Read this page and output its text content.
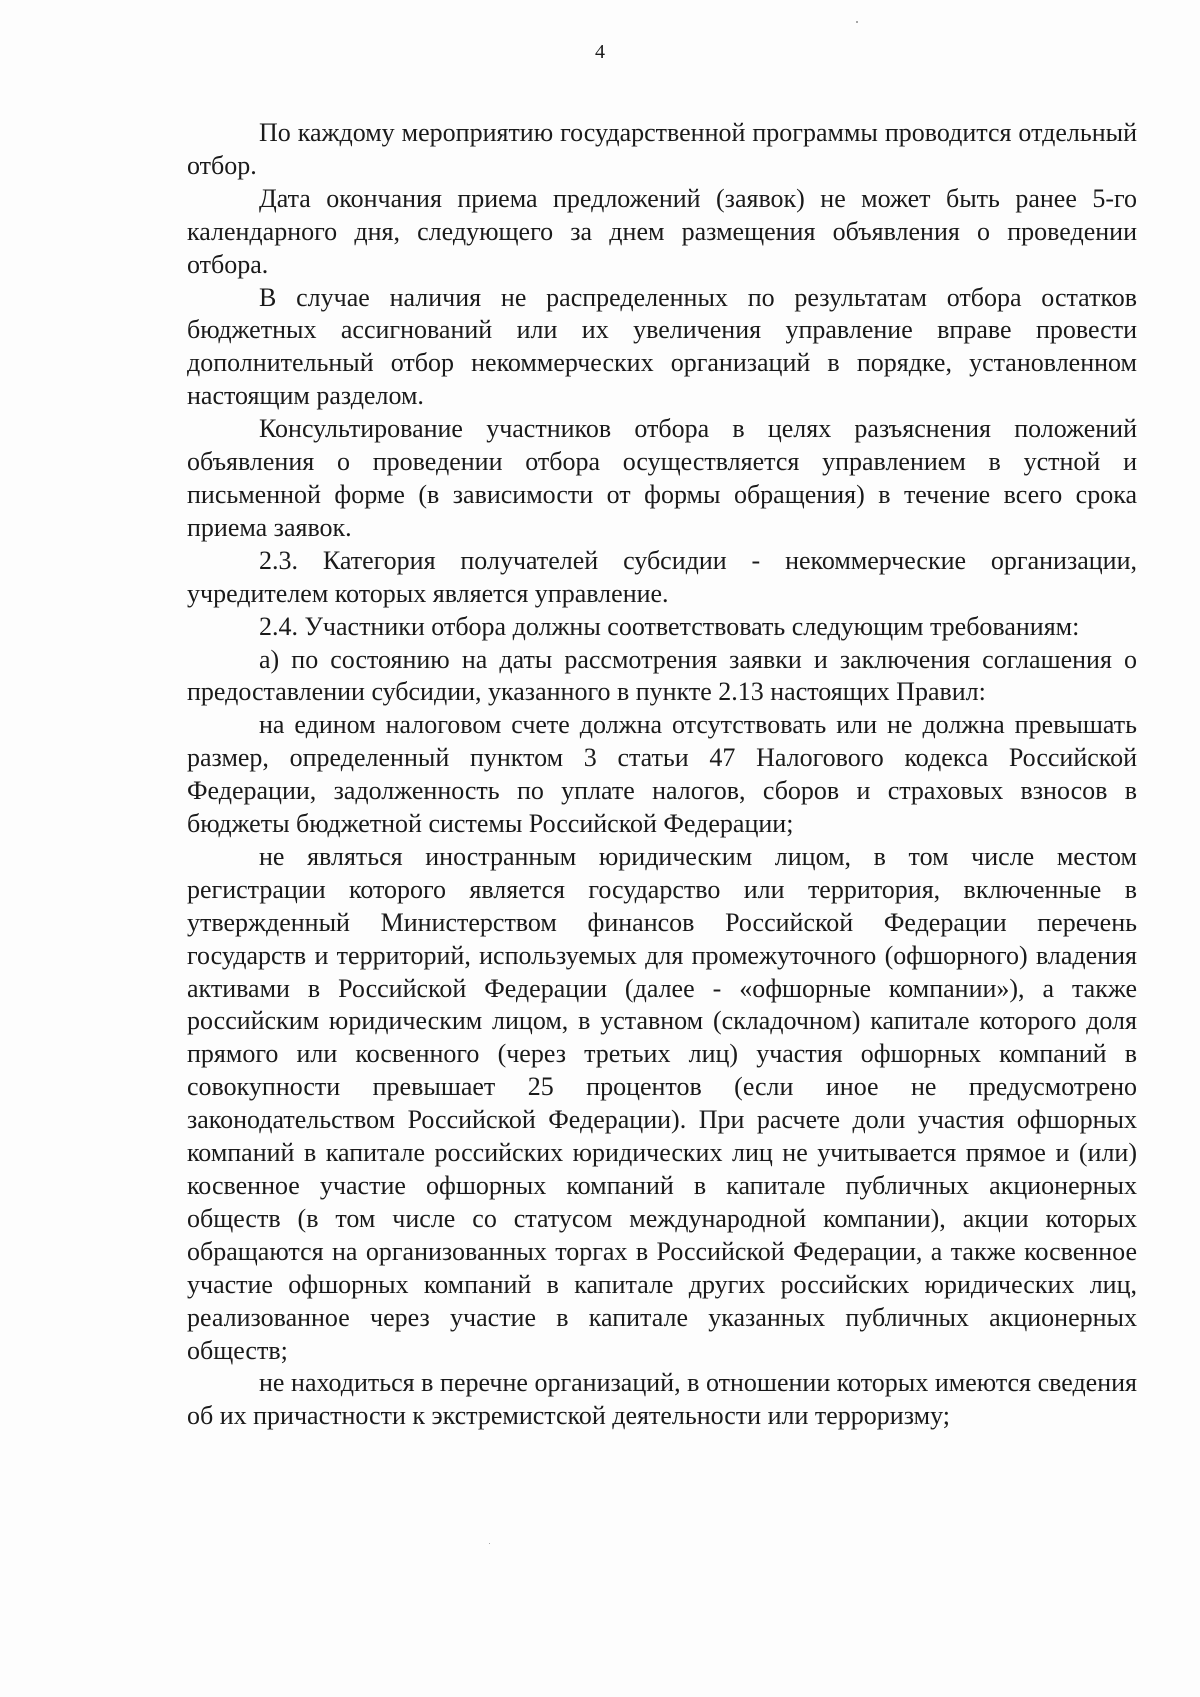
4

По каждому мероприятию государственной программы проводится отдельный отбор.

Дата окончания приема предложений (заявок) не может быть ранее 5-го календарного дня, следующего за днем размещения объявления о проведении отбора.

В случае наличия не распределенных по результатам отбора остатков бюджетных ассигнований или их увеличения управление вправе провести дополнительный отбор некоммерческих организаций в порядке, установленном настоящим разделом.

Консультирование участников отбора в целях разъяснения положений объявления о проведении отбора осуществляется управлением в устной и письменной форме (в зависимости от формы обращения) в течение всего срока приема заявок.

2.3. Категория получателей субсидии - некоммерческие организации, учредителем которых является управление.

2.4. Участники отбора должны соответствовать следующим требованиям:

а) по состоянию на даты рассмотрения заявки и заключения соглашения о предоставлении субсидии, указанного в пункте 2.13 настоящих Правил:

на едином налоговом счете должна отсутствовать или не должна превышать размер, определенный пунктом 3 статьи 47 Налогового кодекса Российской Федерации, задолженность по уплате налогов, сборов и страховых взносов в бюджеты бюджетной системы Российской Федерации;

не являться иностранным юридическим лицом, в том числе местом регистрации которого является государство или территория, включенные в утвержденный Министерством финансов Российской Федерации перечень государств и территорий, используемых для промежуточного (офшорного) владения активами в Российской Федерации (далее - «офшорные компании»), а также российским юридическим лицом, в уставном (складочном) капитале которого доля прямого или косвенного (через третьих лиц) участия офшорных компаний в совокупности превышает 25 процентов (если иное не предусмотрено законодательством Российской Федерации). При расчете доли участия офшорных компаний в капитале российских юридических лиц не учитывается прямое и (или) косвенное участие офшорных компаний в капитале публичных акционерных обществ (в том числе со статусом международной компании), акции которых обращаются на организованных торгах в Российской Федерации, а также косвенное участие офшорных компаний в капитале других российских юридических лиц, реализованное через участие в капитале указанных публичных акционерных обществ;

не находиться в перечне организаций, в отношении которых имеются сведения об их причастности к экстремистской деятельности или терроризму;
